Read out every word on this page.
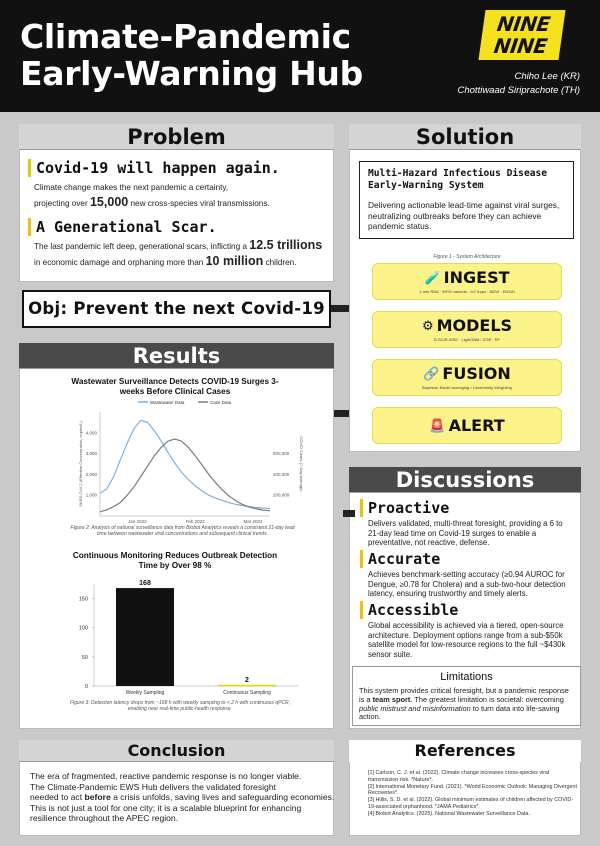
Climate-Pandemic
Early-Warning Hub
NINE
NINE
Chiho Lee (KR)
Chottiwaad Siriprachote (TH)
Problem
Covid-19 will happen again.
Climate change makes the next pandemic a certainty,
projecting over 15,000 new cross-species viral transmissions.
A Generational Scar.
The last pandemic left deep, generational scars, inflicting a 12.5 trillions
in economic damage and orphaning more than 10 million children.
Obj: Prevent the next Covid-19
Solution
Multi-Hazard Infectious Disease Early-Warning System
Delivering actionable lead-time against viral surges, neutralizing outbreaks before they can achieve pandemic status.
Figure 1 - System Architecture
🧪 INGEST
1-min RNA · WGS variants · IoT traps · NDVI · ENSAI
⚙ MODELS
B-SCIR-WSE · LightGBM / XGB · RF
🔗 FUSION
Bayesian Model averaging • Uncertainty Weighting
🚨 ALERT
Results
Wastewater Surveillance Detects COVID-19 Surges 3-weeks Before Clinical Cases
Wastewater Data	Case Data
1,000
2,000
3,000
4,000
200,000
400,000
600,000
Jan 2022	Feb 2022	Mar 2022
SARS-CoV-2 (Effective Concentration, copies/L)	COVID Cases (7-Day Average)
Figure 2: Analysis of national surveillance data from Biobot Analytics reveals a consistent 21-day lead time between wastewater viral concentrations and subsequent clinical trends.
Continuous Monitoring Reduces Outbreak Detection Time by Over 98 %
0
50
100
150
168
Weekly Sampling
2
Continuous Sampling
Figure 3: Detection latency drops from ~168 h with weekly sampling to < 2 h with continuous qPCR, enabling near real-time public-health response.
Discussions
Proactive
Delivers validated, multi-threat foresight, providing a 6 to 21-day lead time on Covid-19 surges to enable a preventative, not reactive, defense.
Accurate
Achieves benchmark-setting accuracy (≥0.94 AUROC for Dengue, ≥0.78 for Cholera) and a sub-two-hour detection latency, ensuring trustworthy and timely alerts.
Accessible
Global accessibility is achieved via a tiered, open-source architecture. Deployment options range from a sub-$50k satellite model for low-resource regions to the full ~$430k sensor suite.
Limitations
This system provides critical foresight, but a pandemic response is a team sport. The greatest limitation is societal: overcoming public mistrust and misinformation to turn data into life-saving action.
Conclusion
The era of fragmented, reactive pandemic response is no longer viable.
The Climate-Pandemic EWS Hub delivers the validated foresight
needed to act before a crisis unfolds, saving lives and safeguarding economies.
This is not just a tool for one city; it is a scalable blueprint for enhancing
resilience throughout the APEC region.
References
[1] Carlson, C. J. et al. (2022). Climate change increases cross-species viral transmission risk. *Nature*.
[2] International Monetary Fund. (2021). *World Economic Outlook: Managing Divergent Recoveries*.
[3] Hillis, S. D. et al. (2022). Global minimum estimates of children affected by COVID-19-associated orphanhood. *JAMA Pediatrics*.
[4] Biobot Analytics. (2025). National Wastewater Surveillance Data.
